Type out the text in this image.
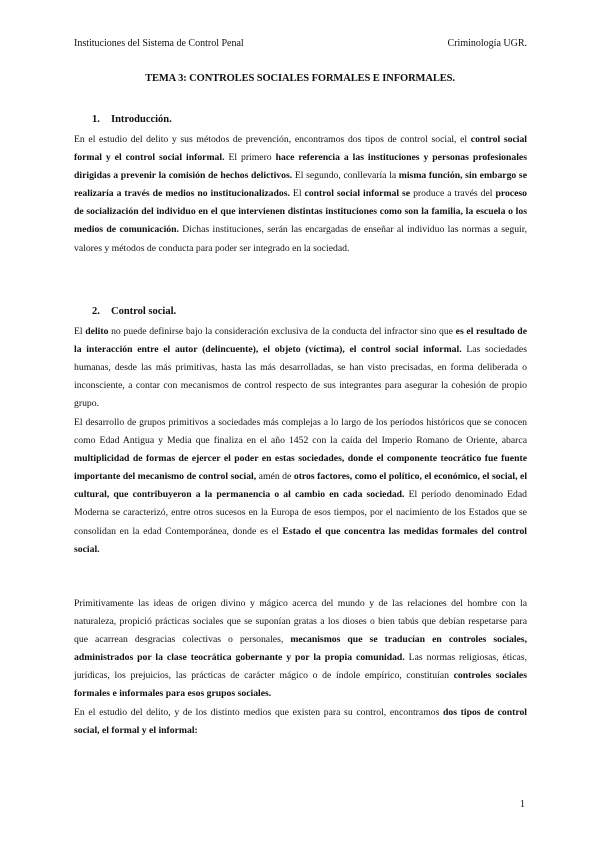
Instituciones del Sistema de Control Penal	Criminología UGR.
TEMA 3: CONTROLES SOCIALES FORMALES E INFORMALES.
1. Introducción.

En el estudio del delito y sus métodos de prevención, encontramos dos tipos de control social, el control social formal y el control social informal. El primero hace referencia a las instituciones y personas profesionales dirigidas a prevenir la comisión de hechos delictivos. El segundo, conllevaría la misma función, sin embargo se realizaría a través de medios no institucionalizados. El control social informal se produce a través del proceso de socialización del individuo en el que intervienen distintas instituciones como son la familia, la escuela o los medios de comunicación. Dichas instituciones, serán las encargadas de enseñar al individuo las normas a seguir, valores y métodos de conducta para poder ser integrado en la sociedad.

2. Control social.

El delito no puede definirse bajo la consideración exclusiva de la conducta del infractor sino que es el resultado de la interacción entre el autor (delincuente), el objeto (víctima), el control social informal. Las sociedades humanas, desde las más primitivas, hasta las más desarrolladas, se han visto precisadas, en forma deliberada o inconsciente, a contar con mecanismos de control respecto de sus integrantes para asegurar la cohesión de propio grupo.

El desarrollo de grupos primitivos a sociedades más complejas a lo largo de los períodos históricos que se conocen como Edad Antigua y Media que finaliza en el año 1452 con la caída del Imperio Romano de Oriente, abarca multiplicidad de formas de ejercer el poder en estas sociedades, donde el componente teocrático fue fuente importante del mecanismo de control social, amén de otros factores, como el político, el económico, el social, el cultural, que contribuyeron a la permanencia o al cambio en cada sociedad. El período denominado Edad Moderna se caracterizó, entre otros sucesos en la Europa de esos tiempos, por el nacimiento de los Estados que se consolidan en la edad Contemporánea, donde es el Estado el que concentra las medidas formales del control social.

Primitivamente las ideas de origen divino y mágico acerca del mundo y de las relaciones del hombre con la naturaleza, propició prácticas sociales que se suponían gratas a los dioses o bien tabús que debían respetarse para que acarrean desgracias colectivas o personales, mecanismos que se traducían en controles sociales, administrados por la clase teocrática gobernante y por la propia comunidad. Las normas religiosas, éticas, jurídicas, los prejuicios, las prácticas de carácter mágico o de índole empírico, constituían controles sociales formales e informales para esos grupos sociales.

En el estudio del delito, y de los distinto medios que existen para su control, encontramos dos tipos de control social, el formal y el informal:

1
